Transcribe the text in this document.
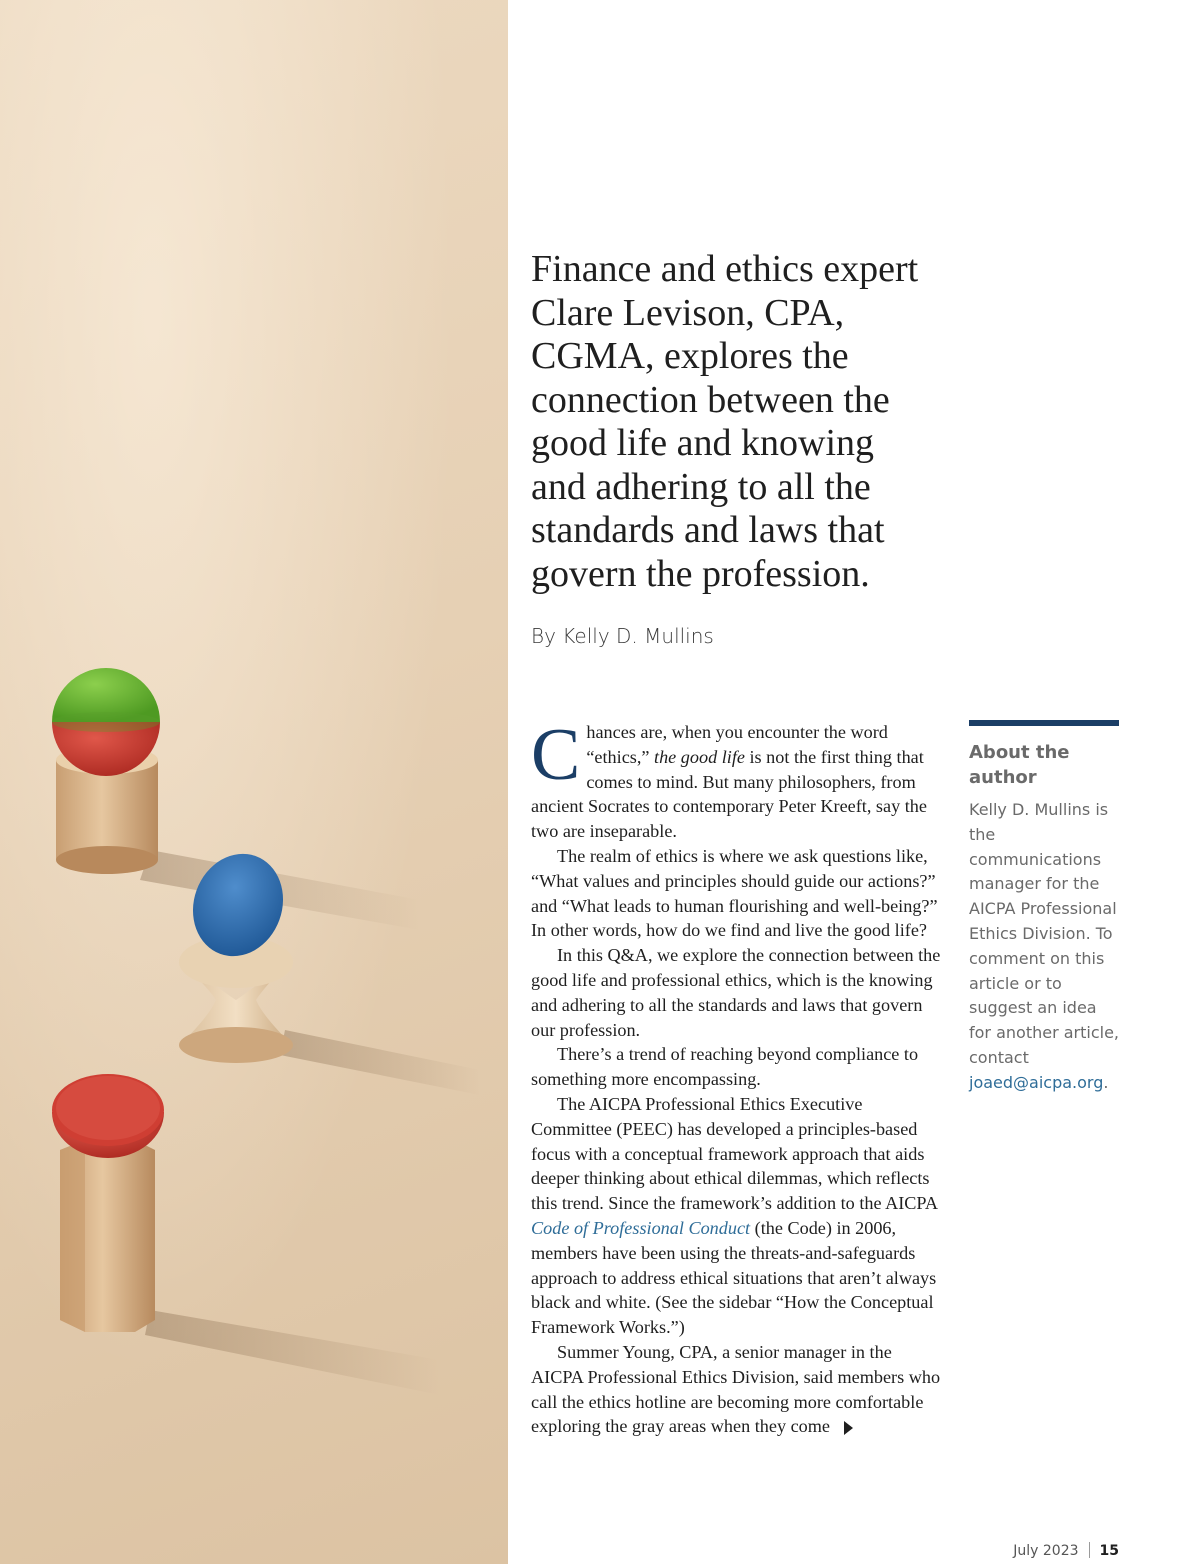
Finance and ethics expert
Clare Levison, CPA,
CGMA, explores the
connection between the
good life and knowing
and adhering to all the
standards and laws that
govern the profession.
By Kelly D. Mullins

Chances are, when you encounter the word “ethics,” the good life is not the first thing that comes to mind. But many philosophers, from ancient Socrates to contemporary Peter Kreeft, say the two are inseparable.

The realm of ethics is where we ask questions like, “What values and principles should guide our actions?” and “What leads to human flourishing and well-being?” In other words, how do we find and live the good life?

In this Q&A, we explore the connection between the good life and professional ethics, which is the knowing and adhering to all the standards and laws that govern our profession.

There’s a trend of reaching beyond compliance to something more encompassing.

The AICPA Professional Ethics Executive Committee (PEEC) has developed a principles-based focus with a conceptual framework approach that aids deeper thinking about ethical dilemmas, which reflects this trend. Since the framework’s addition to the AICPA Code of Professional Conduct (the Code) in 2006, members have been using the threats-and-safeguards approach to address ethical situations that aren’t always black and white. (See the sidebar “How the Conceptual Framework Works.”)

Summer Young, CPA, a senior manager in the AICPA Professional Ethics Division, said members who call the ethics hotline are becoming more comfortable exploring the gray areas when they come

About the author
Kelly D. Mullins is the communications manager for the AICPA Professional Ethics Division. To comment on this article or to suggest an idea for another article, contact joaed@aicpa.org.
July 2023 15
